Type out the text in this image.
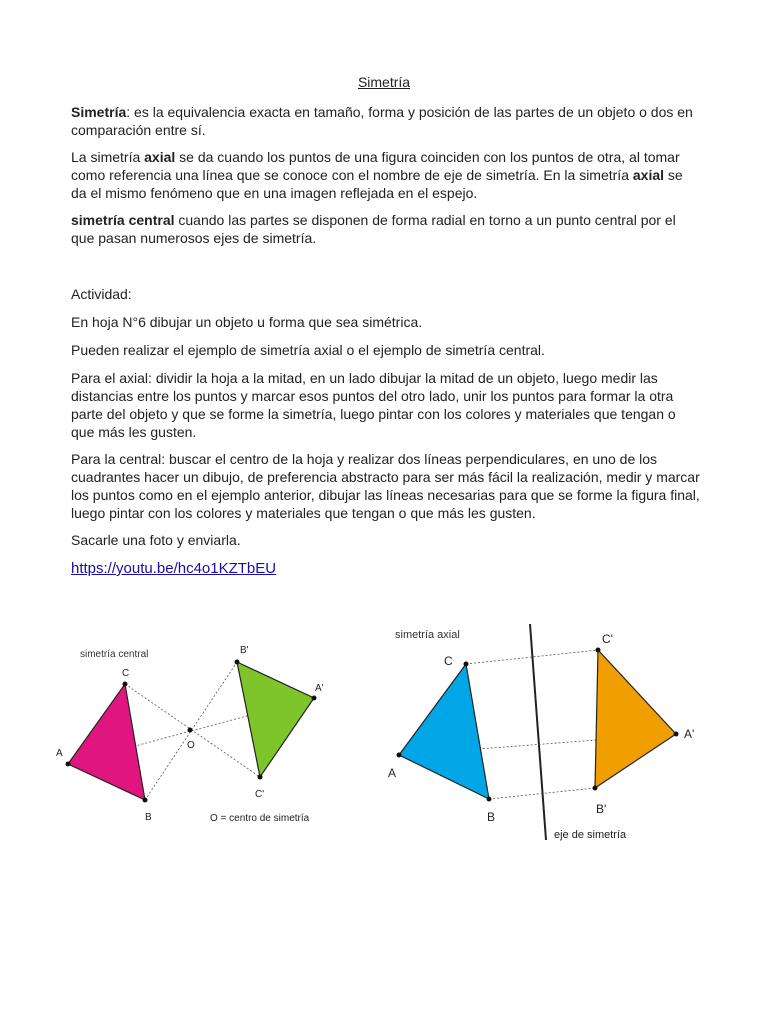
Simetría

Simetría: es la equivalencia exacta en tamaño, forma y posición de las partes de un objeto o dos en comparación entre sí.

La simetría axial se da cuando los puntos de una figura coinciden con los puntos de otra, al tomar como referencia una línea que se conoce con el nombre de eje de simetría. En la simetría axial se da el mismo fenómeno que en una imagen reflejada en el espejo.

simetría central cuando las partes se disponen de forma radial en torno a un punto central por el que pasan numerosos ejes de simetría.

Actividad:
En hoja N°6 dibujar un objeto u forma que sea simétrica.
Pueden realizar el ejemplo de simetría axial o el ejemplo de simetría central.
Para el axial: dividir la hoja a la mitad, en un lado dibujar la mitad de un objeto, luego medir las distancias entre los puntos y marcar esos puntos del otro lado, unir los puntos para formar la otra parte del objeto y que se forme la simetría, luego pintar con los colores y materiales que tengan o que más les gusten.
Para la central: buscar el centro de la hoja y realizar dos líneas perpendiculares, en uno de los cuadrantes hacer un dibujo, de preferencia abstracto para ser más fácil la realización, medir y marcar los puntos como en el ejemplo anterior, dibujar las líneas necesarias para que se forme la figura final, luego pintar con los colores y materiales que tengan o que más les gusten.
Sacarle una foto y enviarla.
https://youtu.be/hc4o1KZTbEU
simetría central
A
C
B
O
B'
A'
C'
O = centro de simetría
simetría axial
C
A
B
C'
A'
B'
eje de simetría
